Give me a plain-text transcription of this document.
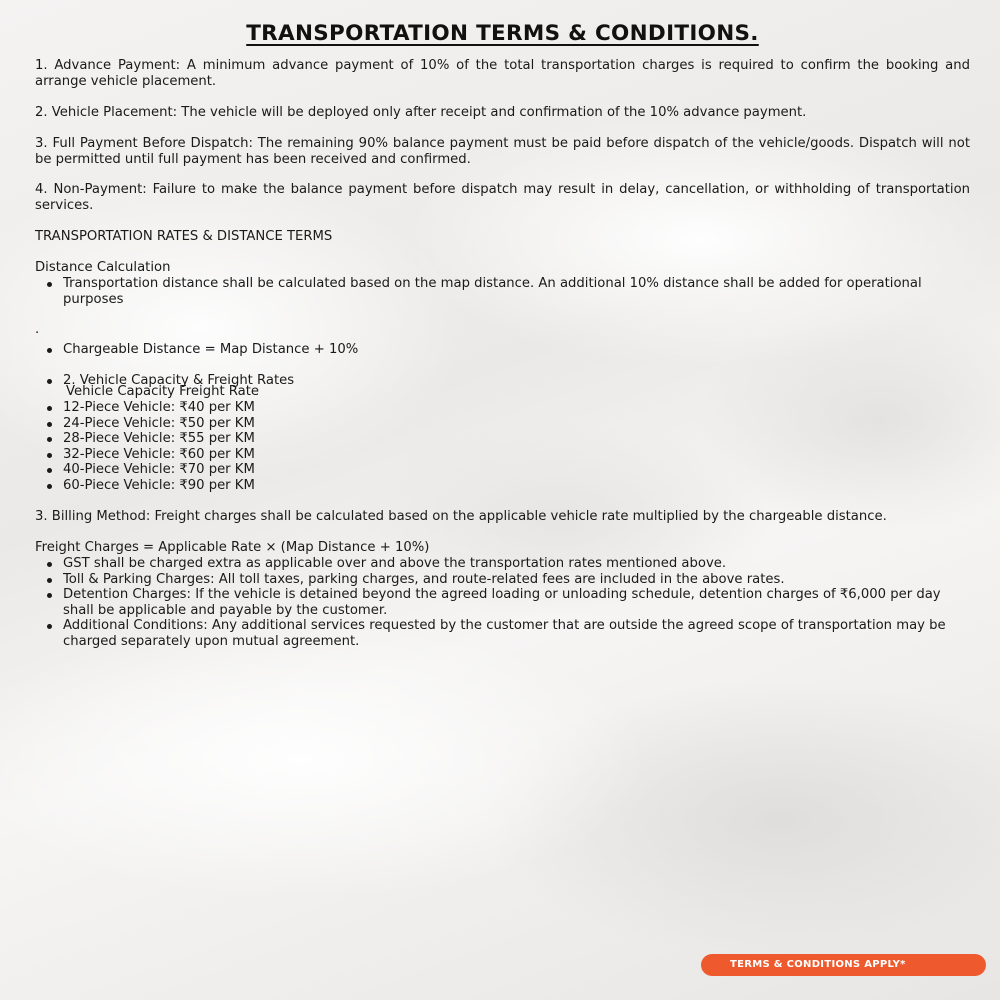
TRANSPORTATION TERMS & CONDITIONS.

1. Advance Payment: A minimum advance payment of 10% of the total transportation charges is required to confirm the booking and arrange vehicle placement.

2. Vehicle Placement: The vehicle will be deployed only after receipt and confirmation of the 10% advance payment.

3. Full Payment Before Dispatch: The remaining 90% balance payment must be paid before dispatch of the vehicle/goods. Dispatch will not be permitted until full payment has been received and confirmed.

4. Non-Payment: Failure to make the balance payment before dispatch may result in delay, cancellation, or withholding of transportation services.

TRANSPORTATION RATES & DISTANCE TERMS
Distance Calculation
Transportation distance shall be calculated based on the map distance. An additional 10% distance shall be added for operational purposes
.
Chargeable Distance = Map Distance + 10%
2. Vehicle Capacity & Freight Rates
Vehicle Capacity Freight Rate
12-Piece Vehicle: ₹40 per KM
24-Piece Vehicle: ₹50 per KM
28-Piece Vehicle: ₹55 per KM
32-Piece Vehicle: ₹60 per KM
40-Piece Vehicle: ₹70 per KM
60-Piece Vehicle: ₹90 per KM

3. Billing Method: Freight charges shall be calculated based on the applicable vehicle rate multiplied by the chargeable distance.

Freight Charges = Applicable Rate × (Map Distance + 10%)
GST shall be charged extra as applicable over and above the transportation rates mentioned above.
Toll & Parking Charges: All toll taxes, parking charges, and route-related fees are included in the above rates.
Detention Charges: If the vehicle is detained beyond the agreed loading or unloading schedule, detention charges of ₹6,000 per day shall be applicable and payable by the customer.
Additional Conditions: Any additional services requested by the customer that are outside the agreed scope of transportation may be charged separately upon mutual agreement.
TERMS & CONDITIONS APPLY*
